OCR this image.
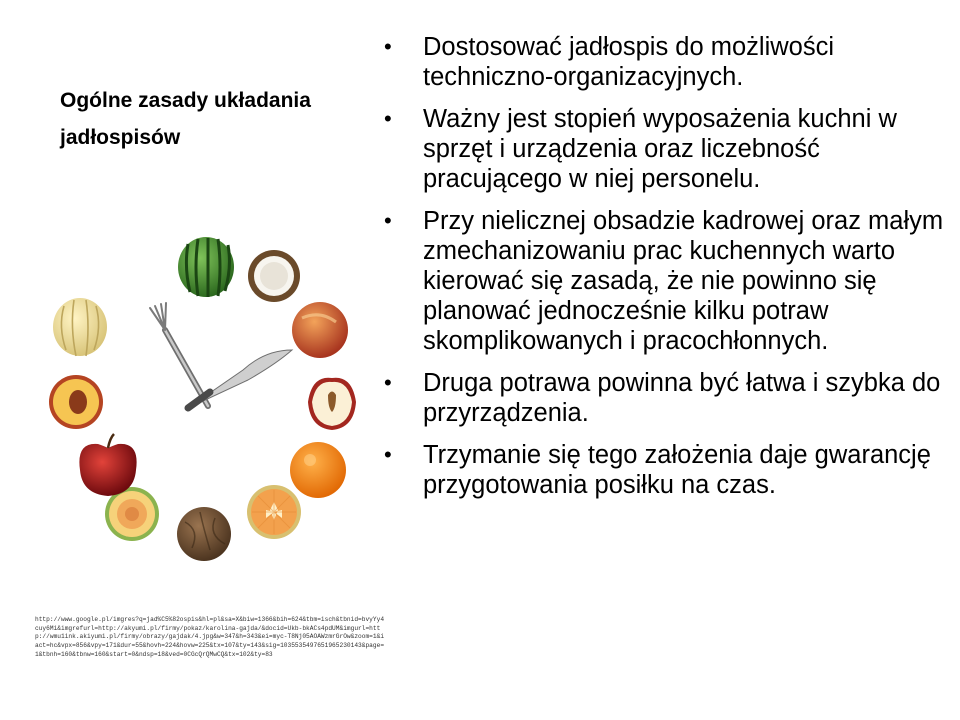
Ogólne zasady układania
jadłospisów
• Dostosować jadłospis do możliwości techniczno-organizacyjnych.
• Ważny jest stopień wyposażenia kuchni w sprzęt i urządzenia oraz liczebność pracującego w niej personelu.
• Przy nielicznej obsadzie kadrowej oraz małym zmechanizowaniu prac kuchennych warto kierować się zasadą, że nie powinno się planować jednocześnie kilku potraw skomplikowanych i pracochłonnych.
• Druga potrawa powinna być łatwa i szybka do przyrządzenia.
• Trzymanie się tego założenia daje gwarancję przygotowania posiłku na czas.
http://www.google.pl/imgres?q=jad%C5%82ospis&hl=pl&sa=X&biw=1366&bih=624&tbm=isch&tbnid=bvyYy4cuy6Mi&imgrefurl=http://akyumi.pl/firmy/pokaz/karolina-gajda/&docid=Ukb-bkACs4pdUM&imgurl=http://wmu1ink.akiyumi.pl/firmy/obrazy/gajdak/4.jpg&w=347&h=343&ei=myc-T8Nj05AOAWzmrGrOw&zoom=1&iact=hc&vpx=856&vpy=171&dur=55&hovh=224&hovw=225&tx=107&ty=143&sig=1035535497651965230143&page=1&tbnh=160&tbnw=160&start=0&ndsp=18&ved=0CGcQrQMwCQ&tx=102&ty=83
